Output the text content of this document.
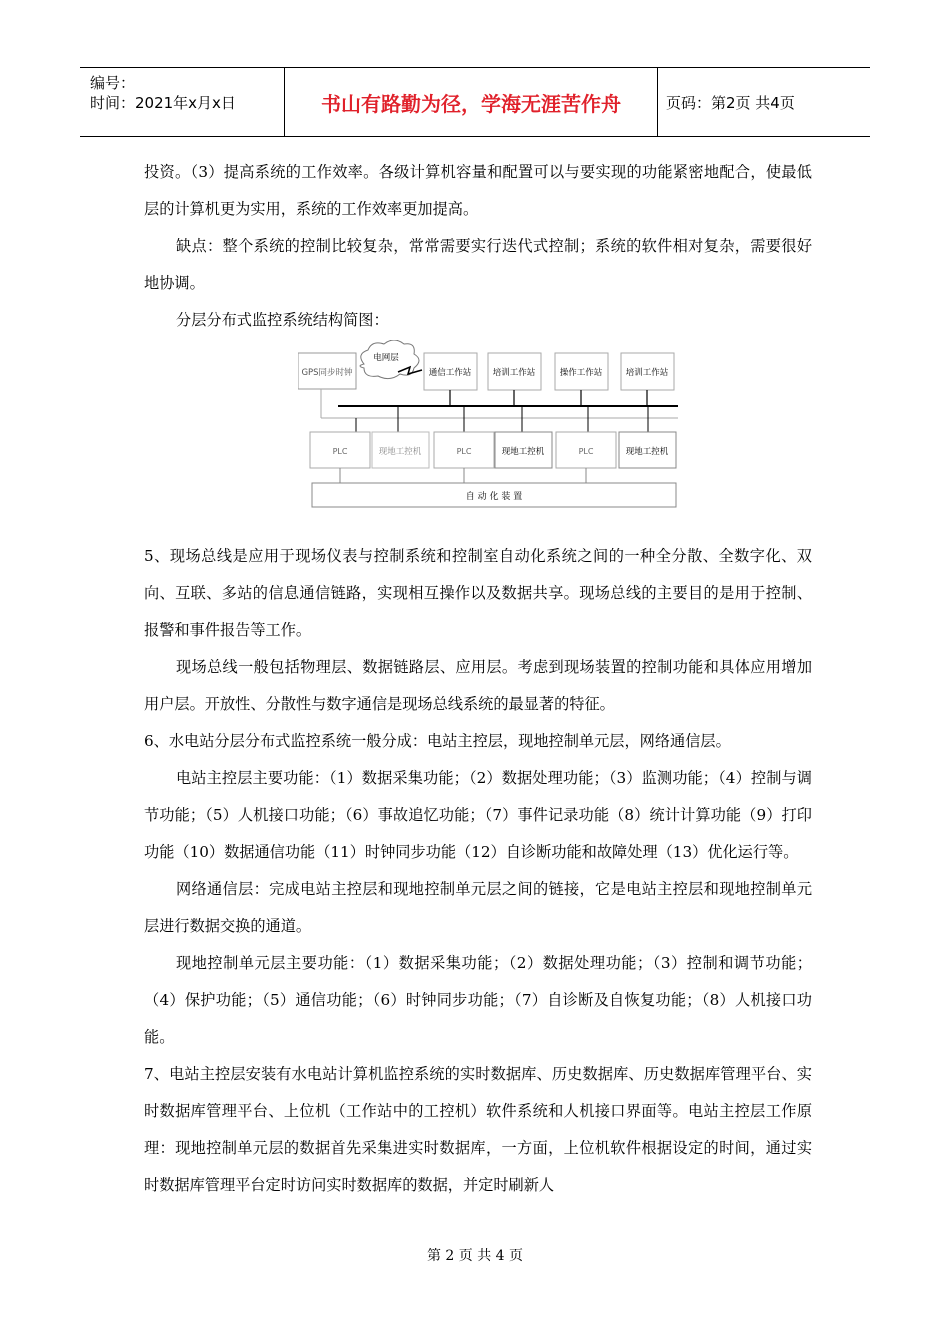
编号：
时间：2021年x月x日	书山有路勤为径，学海无涯苦作舟	页码：第2页 共4页

投资。（3）提高系统的工作效率。各级计算机容量和配置可以与要实现的功能紧密地配合，使最低层的计算机更为实用，系统的工作效率更加提高。

缺点：整个系统的控制比较复杂，常常需要实行迭代式控制；系统的软件相对复杂，需要很好地协调。

分层分布式监控系统结构简图：

GPS同步时钟
电网层
通信工作站	培训工作站	操作工作站	培训工作站
PLC	现地工控机	PLC	现地工控机	PLC	现地工控机
自 动 化 装 置

5、现场总线是应用于现场仪表与控制系统和控制室自动化系统之间的一种全分散、全数字化、双向、互联、多站的信息通信链路，实现相互操作以及数据共享。现场总线的主要目的是用于控制、报警和事件报告等工作。

现场总线一般包括物理层、数据链路层、应用层。考虑到现场装置的控制功能和具体应用增加用户层。开放性、分散性与数字通信是现场总线系统的最显著的特征。

6、水电站分层分布式监控系统一般分成：电站主控层，现地控制单元层，网络通信层。

电站主控层主要功能：（1）数据采集功能；（2）数据处理功能；（3）监测功能；（4）控制与调节功能；（5）人机接口功能；（6）事故追忆功能；（7）事件记录功能（8）统计计算功能（9）打印功能（10）数据通信功能（11）时钟同步功能（12）自诊断功能和故障处理（13）优化运行等。

网络通信层：完成电站主控层和现地控制单元层之间的链接，它是电站主控层和现地控制单元层进行数据交换的通道。

现地控制单元层主要功能：（1）数据采集功能；（2）数据处理功能；（3）控制和调节功能；（4）保护功能；（5）通信功能；（6）时钟同步功能；（7）自诊断及自恢复功能；（8）人机接口功能。

7、电站主控层安装有水电站计算机监控系统的实时数据库、历史数据库、历史数据库管理平台、实时数据库管理平台、上位机（工作站中的工控机）软件系统和人机接口界面等。电站主控层工作原理：现地控制单元层的数据首先采集进实时数据库，一方面，上位机软件根据设定的时间，通过实时数据库管理平台定时访问实时数据库的数据，并定时刷新人

第 2 页 共 4 页
